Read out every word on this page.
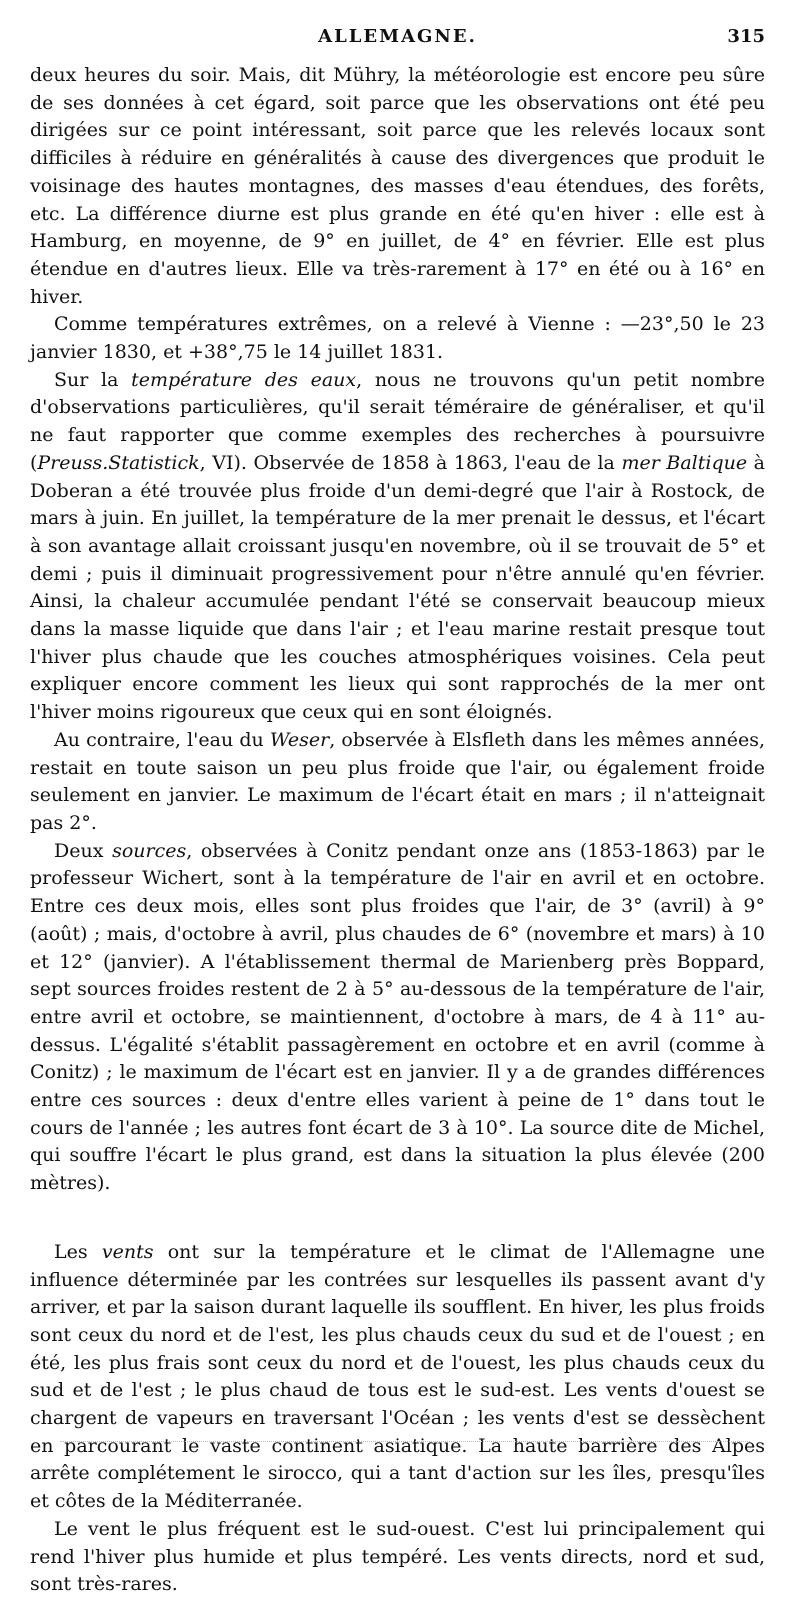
ALLEMAGNE.	315

deux heures du soir. Mais, dit Mühry, la météorologie est encore peu sûre de ses données à cet égard, soit parce que les observations ont été peu dirigées sur ce point intéressant, soit parce que les relevés locaux sont difficiles à réduire en généralités à cause des divergences que produit le voisinage des hautes montagnes, des masses d'eau étendues, des forêts, etc. La différence diurne est plus grande en été qu'en hiver : elle est à Hamburg, en moyenne, de 9° en juillet, de 4° en février. Elle est plus étendue en d'autres lieux. Elle va très-rarement à 17° en été ou à 16° en hiver.

Comme températures extrêmes, on a relevé à Vienne : —23°,50 le 23 janvier 1830, et +38°,75 le 14 juillet 1831.

Sur la température des eaux, nous ne trouvons qu'un petit nombre d'observations particulières, qu'il serait téméraire de généraliser, et qu'il ne faut rapporter que comme exemples des recherches à poursuivre (Preuss.Statistick, VI). Observée de 1858 à 1863, l'eau de la mer Baltique à Doberan a été trouvée plus froide d'un demi-degré que l'air à Rostock, de mars à juin. En juillet, la température de la mer prenait le dessus, et l'écart à son avantage allait croissant jusqu'en novembre, où il se trouvait de 5° et demi ; puis il diminuait progressivement pour n'être annulé qu'en février. Ainsi, la chaleur accumulée pendant l'été se conservait beaucoup mieux dans la masse liquide que dans l'air ; et l'eau marine restait presque tout l'hiver plus chaude que les couches atmosphériques voisines. Cela peut expliquer encore comment les lieux qui sont rapprochés de la mer ont l'hiver moins rigoureux que ceux qui en sont éloignés.

Au contraire, l'eau du Weser, observée à Elsfleth dans les mêmes années, restait en toute saison un peu plus froide que l'air, ou également froide seulement en janvier. Le maximum de l'écart était en mars ; il n'atteignait pas 2°.

Deux sources, observées à Conitz pendant onze ans (1853-1863) par le professeur Wichert, sont à la température de l'air en avril et en octobre. Entre ces deux mois, elles sont plus froides que l'air, de 3° (avril) à 9° (août) ; mais, d'octobre à avril, plus chaudes de 6° (novembre et mars) à 10 et 12° (janvier). A l'établissement thermal de Marienberg près Boppard, sept sources froides restent de 2 à 5° au-dessous de la température de l'air, entre avril et octobre, se maintiennent, d'octobre à mars, de 4 à 11° au-dessus. L'égalité s'établit passagèrement en octobre et en avril (comme à Conitz) ; le maximum de l'écart est en janvier. Il y a de grandes différences entre ces sources : deux d'entre elles varient à peine de 1° dans tout le cours de l'année ; les autres font écart de 3 à 10°. La source dite de Michel, qui souffre l'écart le plus grand, est dans la situation la plus élevée (200 mètres).

Les vents ont sur la température et le climat de l'Allemagne une influence déterminée par les contrées sur lesquelles ils passent avant d'y arriver, et par la saison durant laquelle ils soufflent. En hiver, les plus froids sont ceux du nord et de l'est, les plus chauds ceux du sud et de l'ouest ; en été, les plus frais sont ceux du nord et de l'ouest, les plus chauds ceux du sud et de l'est ; le plus chaud de tous est le sud-est. Les vents d'ouest se chargent de vapeurs en traversant l'Océan ; les vents d'est se dessèchent en parcourant le vaste continent asiatique. La haute barrière des Alpes arrête complétement le sirocco, qui a tant d'action sur les îles, presqu'îles et côtes de la Méditerranée.

Le vent le plus fréquent est le sud-ouest. C'est lui principalement qui rend l'hiver plus humide et plus tempéré. Les vents directs, nord et sud, sont très-rares.
